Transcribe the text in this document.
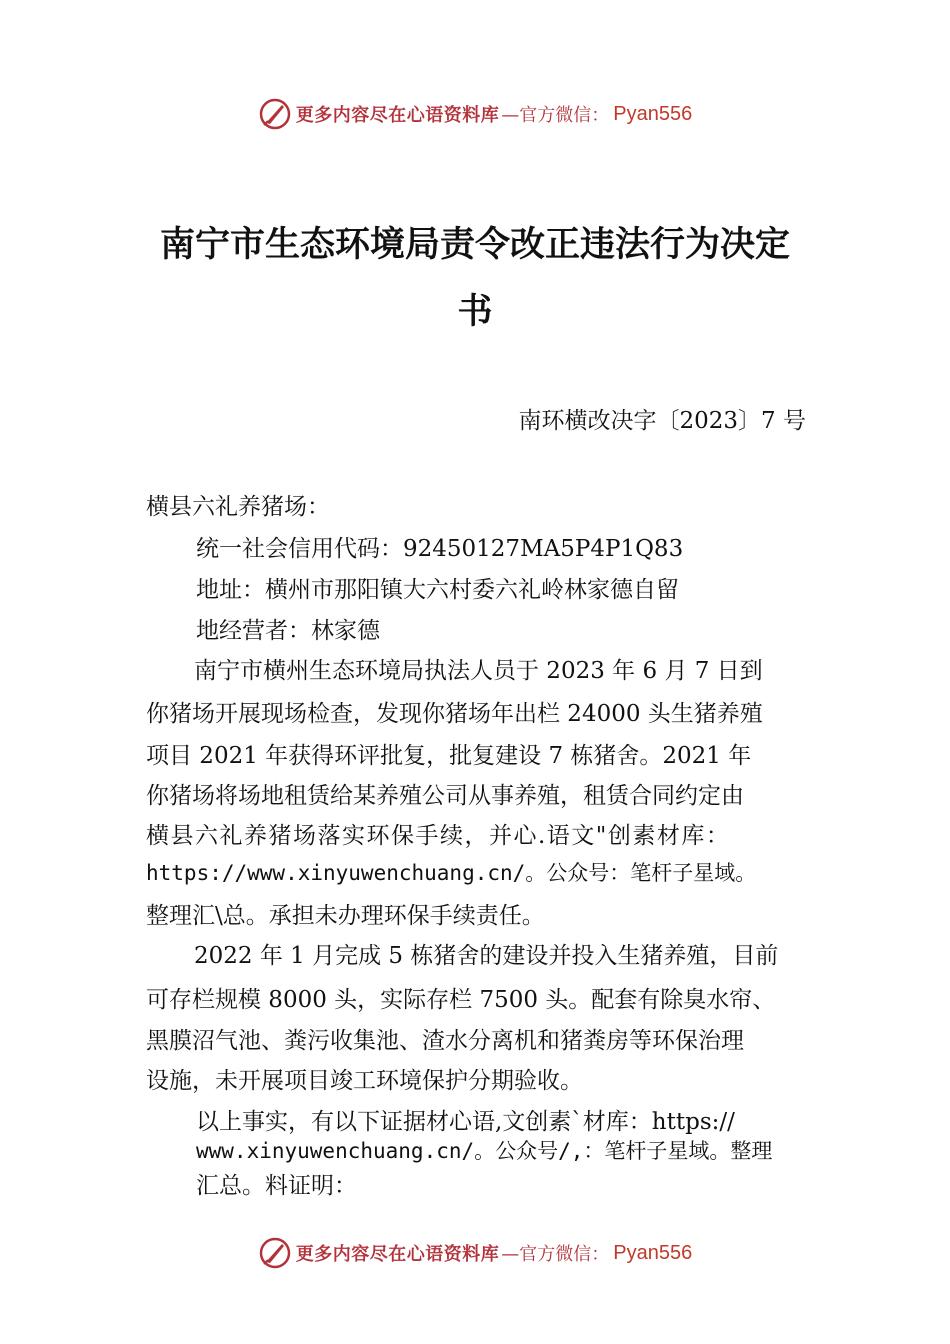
更多内容尽在心语资料库 —官方微信： Pyan556
南宁市生态环境局责令改正违法行为决定
书
南环横改决字〔2023〕7 号
横县六礼养猪场：
统一社会信用代码：92450127MA5P4P1Q83
地址：横州市那阳镇大六村委六礼岭林家德自留
地经营者：林家德
南宁市横州生态环境局执法人员于 2023 年 6 月 7 日到
你猪场开展现场检查，发现你猪场年出栏 24000 头生猪养殖
项目 2021 年获得环评批复，批复建设 7 栋猪舍。2021 年
你猪场将场地租赁给某养殖公司从事养殖，租赁合同约定由
横县六礼养猪场落实环保手续，并心.语文"创素材库：
https://www.xinyuwenchuang.cn/。公众号：笔杆子星域。
整理汇\总。承担未办理环保手续责任。
2022 年 1 月完成 5 栋猪舍的建设并投入生猪养殖，目前
可存栏规模 8000 头，实际存栏 7500 头。配套有除臭水帘、
黑膜沼气池、粪污收集池、渣水分离机和猪粪房等环保治理
设施，未开展项目竣工环境保护分期验收。
以上事实，有以下证据材心语,文创素`材库：https://
www.xinyuwenchuang.cn/。公众号/,：笔杆子星域。整理
汇总。料证明：
更多内容尽在心语资料库 —官方微信： Pyan556
